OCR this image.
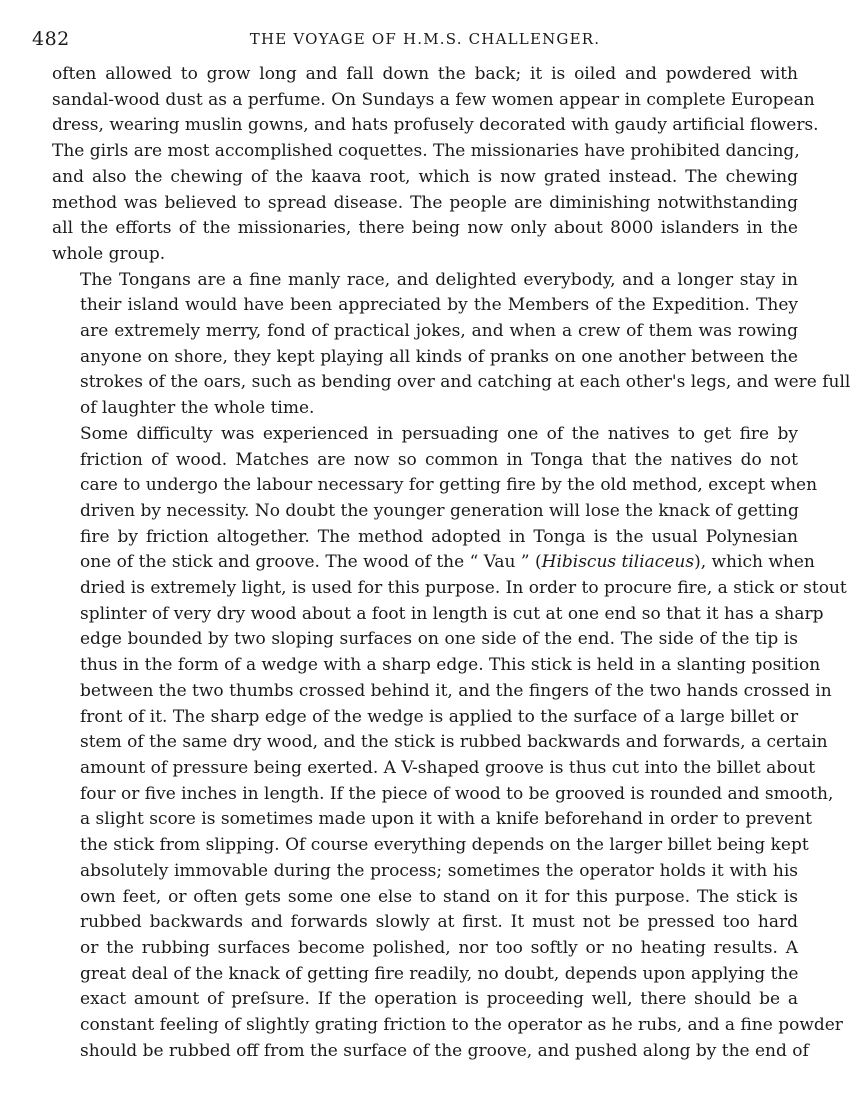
482	THE VOYAGE OF H.M.S. CHALLENGER.

often allowed to grow long and fall down the back; it is oiled and powdered with
sandal-wood dust as a perfume. On Sundays a few women appear in complete European
dress, wearing muslin gowns, and hats profusely decorated with gaudy artificial flowers.
The girls are most accomplished coquettes. The missionaries have prohibited dancing,
and also the chewing of the kaava root, which is now grated instead. The chewing
method was believed to spread disease. The people are diminishing notwithstanding
all the efforts of the missionaries, there being now only about 8000 islanders in the
whole group.

The Tongans are a fine manly race, and delighted everybody, and a longer stay in
their island would have been appreciated by the Members of the Expedition. They
are extremely merry, fond of practical jokes, and when a crew of them was rowing
anyone on shore, they kept playing all kinds of pranks on one another between the
strokes of the oars, such as bending over and catching at each other's legs, and were full
of laughter the whole time.

Some difficulty was experienced in persuading one of the natives to get fire by
friction of wood. Matches are now so common in Tonga that the natives do not
care to undergo the labour necessary for getting fire by the old method, except when
driven by necessity. No doubt the younger generation will lose the knack of getting
fire by friction altogether. The method adopted in Tonga is the usual Polynesian
one of the stick and groove. The wood of the “ Vau ” (Hibiscus tiliaceus), which when
dried is extremely light, is used for this purpose. In order to procure fire, a stick or stout
splinter of very dry wood about a foot in length is cut at one end so that it has a sharp
edge bounded by two sloping surfaces on one side of the end. The side of the tip is
thus in the form of a wedge with a sharp edge. This stick is held in a slanting position
between the two thumbs crossed behind it, and the fingers of the two hands crossed in
front of it. The sharp edge of the wedge is applied to the surface of a large billet or
stem of the same dry wood, and the stick is rubbed backwards and forwards, a certain
amount of pressure being exerted. A V-shaped groove is thus cut into the billet about
four or five inches in length. If the piece of wood to be grooved is rounded and smooth,
a slight score is sometimes made upon it with a knife beforehand in order to prevent
the stick from slipping. Of course everything depends on the larger billet being kept
absolutely immovable during the process; sometimes the operator holds it with his
own feet, or often gets some one else to stand on it for this purpose. The stick is
rubbed backwards and forwards slowly at first. It must not be pressed too hard
or the rubbing surfaces become polished, nor too softly or no heating results. A
great deal of the knack of getting fire readily, no doubt, depends upon applying the
exact amount of preſsure. If the operation is proceeding well, there should be a
constant feeling of slightly grating friction to the operator as he rubs, and a fine powder
should be rubbed off from the surface of the groove, and pushed along by the end of
